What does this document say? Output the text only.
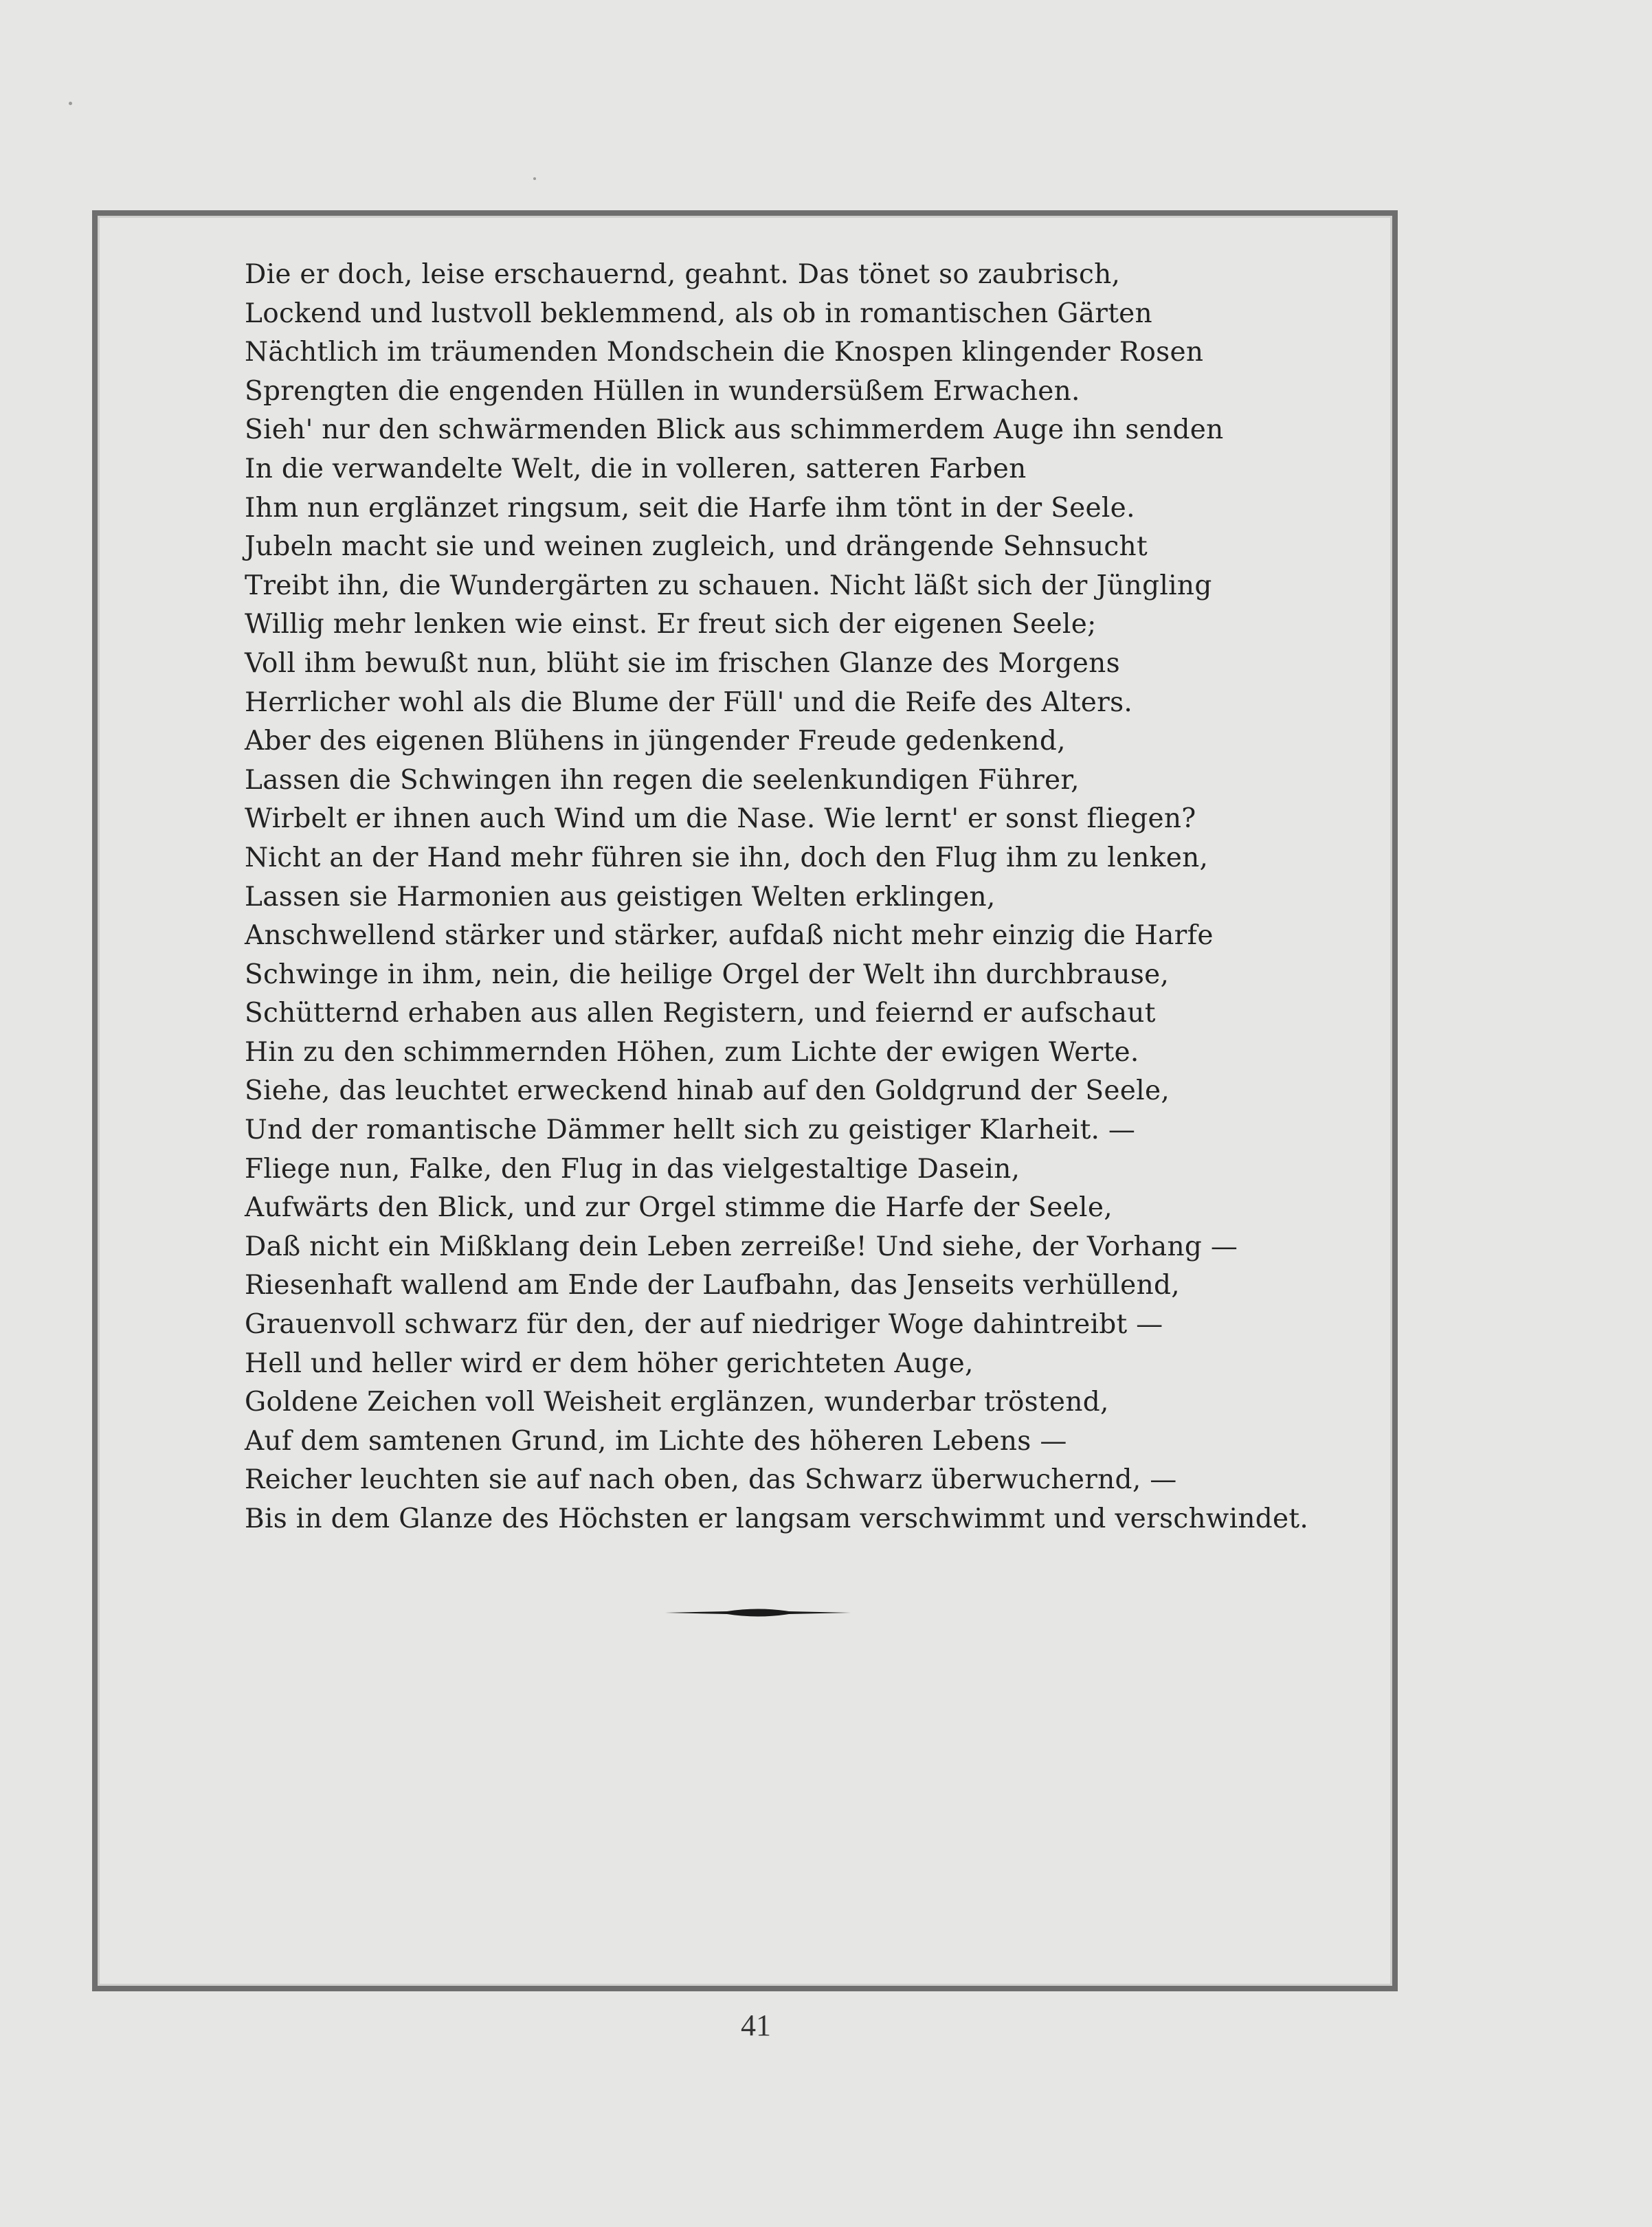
Die er doch, leise erschauernd, geahnt. Das tönet so zaubrisch,
Lockend und lustvoll beklemmend, als ob in romantischen Gärten
Nächtlich im träumenden Mondschein die Knospen klingender Rosen
Sprengten die engenden Hüllen in wundersüßem Erwachen.
Sieh' nur den schwärmenden Blick aus schimmerdem Auge ihn senden
In die verwandelte Welt, die in volleren, satteren Farben
Ihm nun erglänzet ringsum, seit die Harfe ihm tönt in der Seele.
Jubeln macht sie und weinen zugleich, und drängende Sehnsucht
Treibt ihn, die Wundergärten zu schauen. Nicht läßt sich der Jüngling
Willig mehr lenken wie einst. Er freut sich der eigenen Seele;
Voll ihm bewußt nun, blüht sie im frischen Glanze des Morgens
Herrlicher wohl als die Blume der Füll' und die Reife des Alters.
Aber des eigenen Blühens in jüngender Freude gedenkend,
Lassen die Schwingen ihn regen die seelenkundigen Führer,
Wirbelt er ihnen auch Wind um die Nase. Wie lernt' er sonst fliegen?
Nicht an der Hand mehr führen sie ihn, doch den Flug ihm zu lenken,
Lassen sie Harmonien aus geistigen Welten erklingen,
Anschwellend stärker und stärker, aufdaß nicht mehr einzig die Harfe
Schwinge in ihm, nein, die heilige Orgel der Welt ihn durchbrause,
Schütternd erhaben aus allen Registern, und feiernd er aufschaut
Hin zu den schimmernden Höhen, zum Lichte der ewigen Werte.
Siehe, das leuchtet erweckend hinab auf den Goldgrund der Seele,
Und der romantische Dämmer hellt sich zu geistiger Klarheit. —
Fliege nun, Falke, den Flug in das vielgestaltige Dasein,
Aufwärts den Blick, und zur Orgel stimme die Harfe der Seele,
Daß nicht ein Mißklang dein Leben zerreiße! Und siehe, der Vorhang —
Riesenhaft wallend am Ende der Laufbahn, das Jenseits verhüllend,
Grauenvoll schwarz für den, der auf niedriger Woge dahintreibt —
Hell und heller wird er dem höher gerichteten Auge,
Goldene Zeichen voll Weisheit erglänzen, wunderbar tröstend,
Auf dem samtenen Grund, im Lichte des höheren Lebens —
Reicher leuchten sie auf nach oben, das Schwarz überwuchernd, —
Bis in dem Glanze des Höchsten er langsam verschwimmt und verschwindet.
41
